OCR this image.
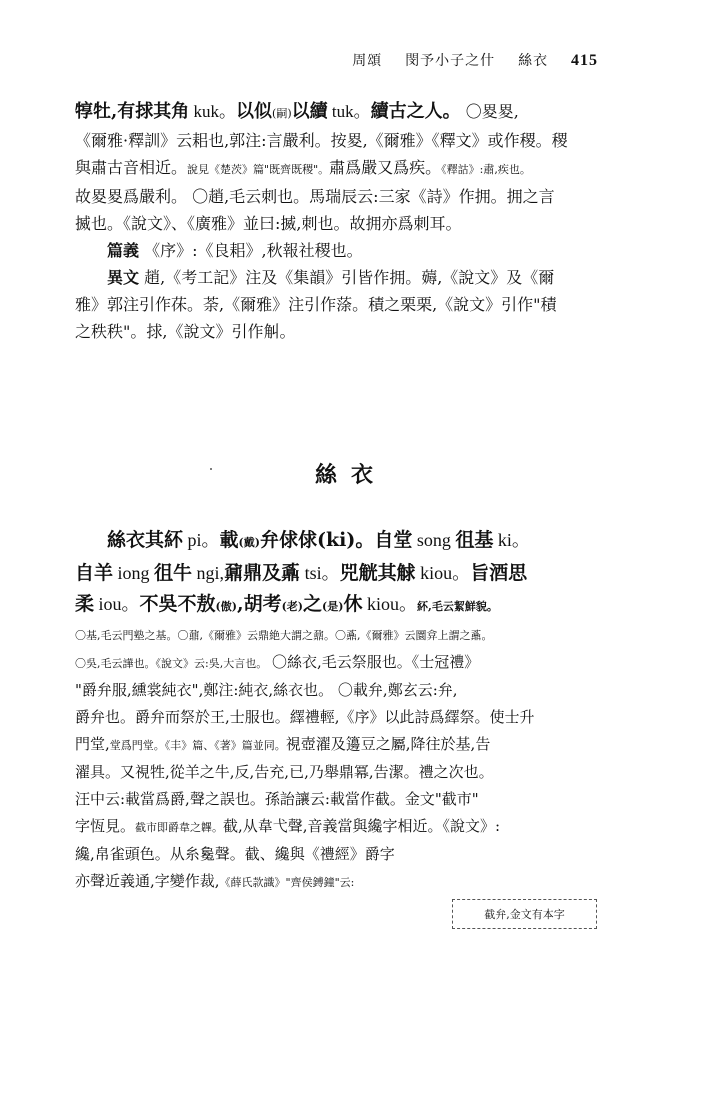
周頌 閔予小子之什 絲衣 415
犉牡,有捄其角 kuk。以似(嗣)以續 tuk。續古之人。 〇畟畟,
《爾雅·釋訓》云耜也,郭注:言嚴利。按畟,《爾雅》《釋文》或作稷。稷
與肅古音相近。說見《楚茨》篇"既齊既稷"。肅爲嚴又爲疾。《釋詁》:肅,疾也。
故畟畟爲嚴利。 〇趙,毛云刺也。馬瑞辰云:三家《詩》作拥。拥之言
揻也。《說文》、《廣雅》並曰:揻,刺也。故拥亦爲刺耳。
篇義 《序》:《良耜》,秋報社稷也。
異文 趙,《考工記》注及《集韻》引皆作拥。薅,《說文》及《爾
雅》郭注引作茠。荼,《爾雅》注引作蒤。積之栗栗,《說文》引作"積
之秩秩"。捄,《說文》引作觓。
絲衣
絲衣其紑 pi。載(戴)弁俅俅(ki)。自堂 song 徂基 ki。
自羊 iong 徂牛 ngi,鼐鼎及鼒 tsi。兕觥其觩 kiou。旨酒思
柔 iou。不吳不敖(傲),胡考(老)之(是)休 kiou。紑,毛云絜鮮貌。
〇基,毛云門塾之基。〇鼐,《爾雅》云鼎絶大謂之鼐。〇鼒,《爾雅》云圜弇上謂之鼒。
〇吳,毛云譁也。《說文》云:吳,大言也。 〇絲衣,毛云祭服也。《士冠禮》
"爵弁服,纁裳純衣",鄭注:純衣,絲衣也。 〇載弁,鄭玄云:弁,
爵弁也。爵弁而祭於王,士服也。繹禮輕,《序》以此詩爲繹祭。使士升
門堂,堂爲門堂。《丰》篇、《著》篇並同。視壺濯及籩豆之屬,降往於基,告
濯具。又視牲,從羊之牛,反,告充,已,乃舉鼎冪,告潔。禮之次也。
汪中云:載當爲爵,聲之誤也。孫詒讓云:載當作截。金文"截市"
字恆見。截市即爵韋之韠。截,从韋弋聲,音義當與纔字相近。《說文》:
纔,帛雀頭色。从糸毚聲。截、纔與《禮經》爵字
亦聲近義通,字變作裁,《薛氏款識》"齊侯鎛鐘"云:
截弁,金文有本字
